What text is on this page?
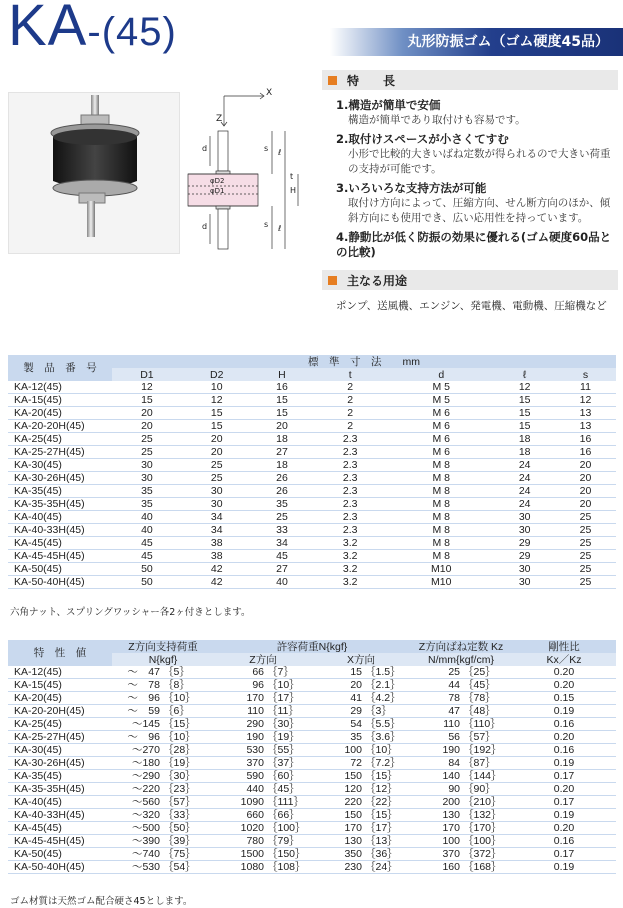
KA-(45)	丸形防振ゴム（ゴム硬度45品）
X
Z
d
d
s
s
ℓ
ℓ
t
H
φD2
φD1
特　　長
1.構造が簡単で安価
構造が簡単であり取付けも容易です。
2.取付けスペースが小さくてすむ
小形で比較的大きいばね定数が得られるので大きい荷重の支持が可能です。
3.いろいろな支持方法が可能
取付け方向によって、圧縮方向、せん断方向のほか、傾斜方向にも使用でき、広い応用性を持っています。
4.静動比が低く防振の効果に優れる(ゴム硬度60品との比較)
主なる用途
ポンプ、送風機、エンジン、発電機、電動機、圧縮機など
製　品　番　号	標　準　寸　法　　mm						
	D1	D2	H	t	d	ℓ	s
KA-12(45)	12	10	16	2	M 5	12	11
KA-15(45)	15	12	15	2	M 5	15	12
KA-20(45)	20	15	15	2	M 6	15	13
KA-20-20H(45)	20	15	20	2	M 6	15	13
KA-25(45)	25	20	18	2.3	M 6	18	16
KA-25-27H(45)	25	20	27	2.3	M 6	18	16
KA-30(45)	30	25	18	2.3	M 8	24	20
KA-30-26H(45)	30	25	26	2.3	M 8	24	20
KA-35(45)	35	30	26	2.3	M 8	24	20
KA-35-35H(45)	35	30	35	2.3	M 8	24	20
KA-40(45)	40	34	25	2.3	M 8	30	25
KA-40-33H(45)	40	34	33	2.3	M 8	30	25
KA-45(45)	45	38	34	3.2	M 8	29	25
KA-45-45H(45)	45	38	45	3.2	M 8	29	25
KA-50(45)	50	42	27	3.2	M10	30	25
KA-50-40H(45)	50	42	40	3.2	M10	30	25
六角ナット、スプリングワッシャー各2ヶ付きとします。
特　性　値	Z方向支持荷重		許容荷重N{kgf}				Z方向ばね定数 Kz		剛性比
	N{kgf}		Z方向		X方向		N/mm{kgf/cm}		Kx／Kz
KA-12(45)	～　47	｛5｝	66	｛7｝	15	｛1.5｝	25	｛25｝	0.20
KA-15(45)	～　78	｛8｝	96	｛10｝	20	｛2.1｝	44	｛45｝	0.20
KA-20(45)	～　96	｛10｝	170	｛17｝	41	｛4.2｝	78	｛78｝	0.15
KA-20-20H(45)	～　59	｛6｝	110	｛11｝	29	｛3｝	47	｛48｝	0.19
KA-25(45)	～145	｛15｝	290	｛30｝	54	｛5.5｝	110	｛110｝	0.16
KA-25-27H(45)	～　96	｛10｝	190	｛19｝	35	｛3.6｝	56	｛57｝	0.20
KA-30(45)	～270	｛28｝	530	｛55｝	100	｛10｝	190	｛192｝	0.16
KA-30-26H(45)	～180	｛19｝	370	｛37｝	72	｛7.2｝	84	｛87｝	0.19
KA-35(45)	～290	｛30｝	590	｛60｝	150	｛15｝	140	｛144｝	0.17
KA-35-35H(45)	～220	｛23｝	440	｛45｝	120	｛12｝	90	｛90｝	0.20
KA-40(45)	～560	｛57｝	1090	｛111｝	220	｛22｝	200	｛210｝	0.17
KA-40-33H(45)	～320	｛33｝	660	｛66｝	150	｛15｝	130	｛132｝	0.19
KA-45(45)	～500	｛50｝	1020	｛100｝	170	｛17｝	170	｛170｝	0.20
KA-45-45H(45)	～390	｛39｝	780	｛79｝	130	｛13｝	100	｛100｝	0.16
KA-50(45)	～740	｛75｝	1500	｛150｝	350	｛36｝	370	｛372｝	0.17
KA-50-40H(45)	～530	｛54｝	1080	｛108｝	230	｛24｝	160	｛168｝	0.19
ゴム材質は天然ゴム配合硬さ45とします。
